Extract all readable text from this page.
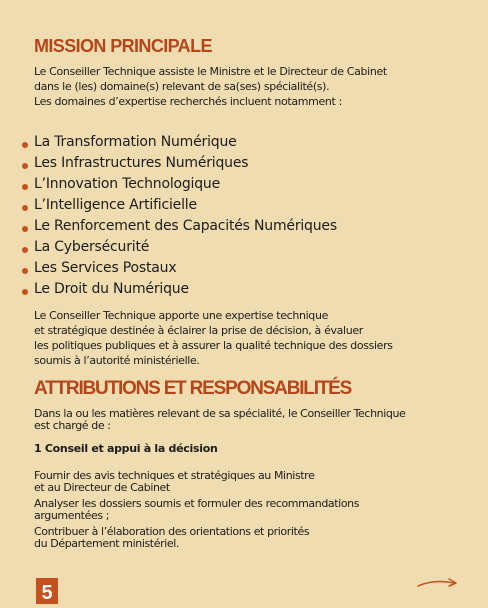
MISSION PRINCIPALE

Le Conseiller Technique assiste le Ministre et le Directeur de Cabinet
dans le (les) domaine(s) relevant de sa(ses) spécialité(s).
Les domaines d’expertise recherchés incluent notamment :

La Transformation Numérique
Les Infrastructures Numériques
L’Innovation Technologique
L’Intelligence Artificielle
Le Renforcement des Capacités Numériques
La Cybersécurité
Les Services Postaux
Le Droit du Numérique

Le Conseiller Technique apporte une expertise technique
et stratégique destinée à éclairer la prise de décision, à évaluer
les politiques publiques et à assurer la qualité technique des dossiers
soumis à l’autorité ministérielle.

ATTRIBUTIONS ET RESPONSABILITÉS

Dans la ou les matières relevant de sa spécialité, le Conseiller Technique
est chargé de :

1 Conseil et appui à la décision

Fournir des avis techniques et stratégiques au Ministre
et au Directeur de Cabinet

Analyser les dossiers soumis et formuler des recommandations
argumentées ;

Contribuer à l’élaboration des orientations et priorités
du Département ministériel.

5
